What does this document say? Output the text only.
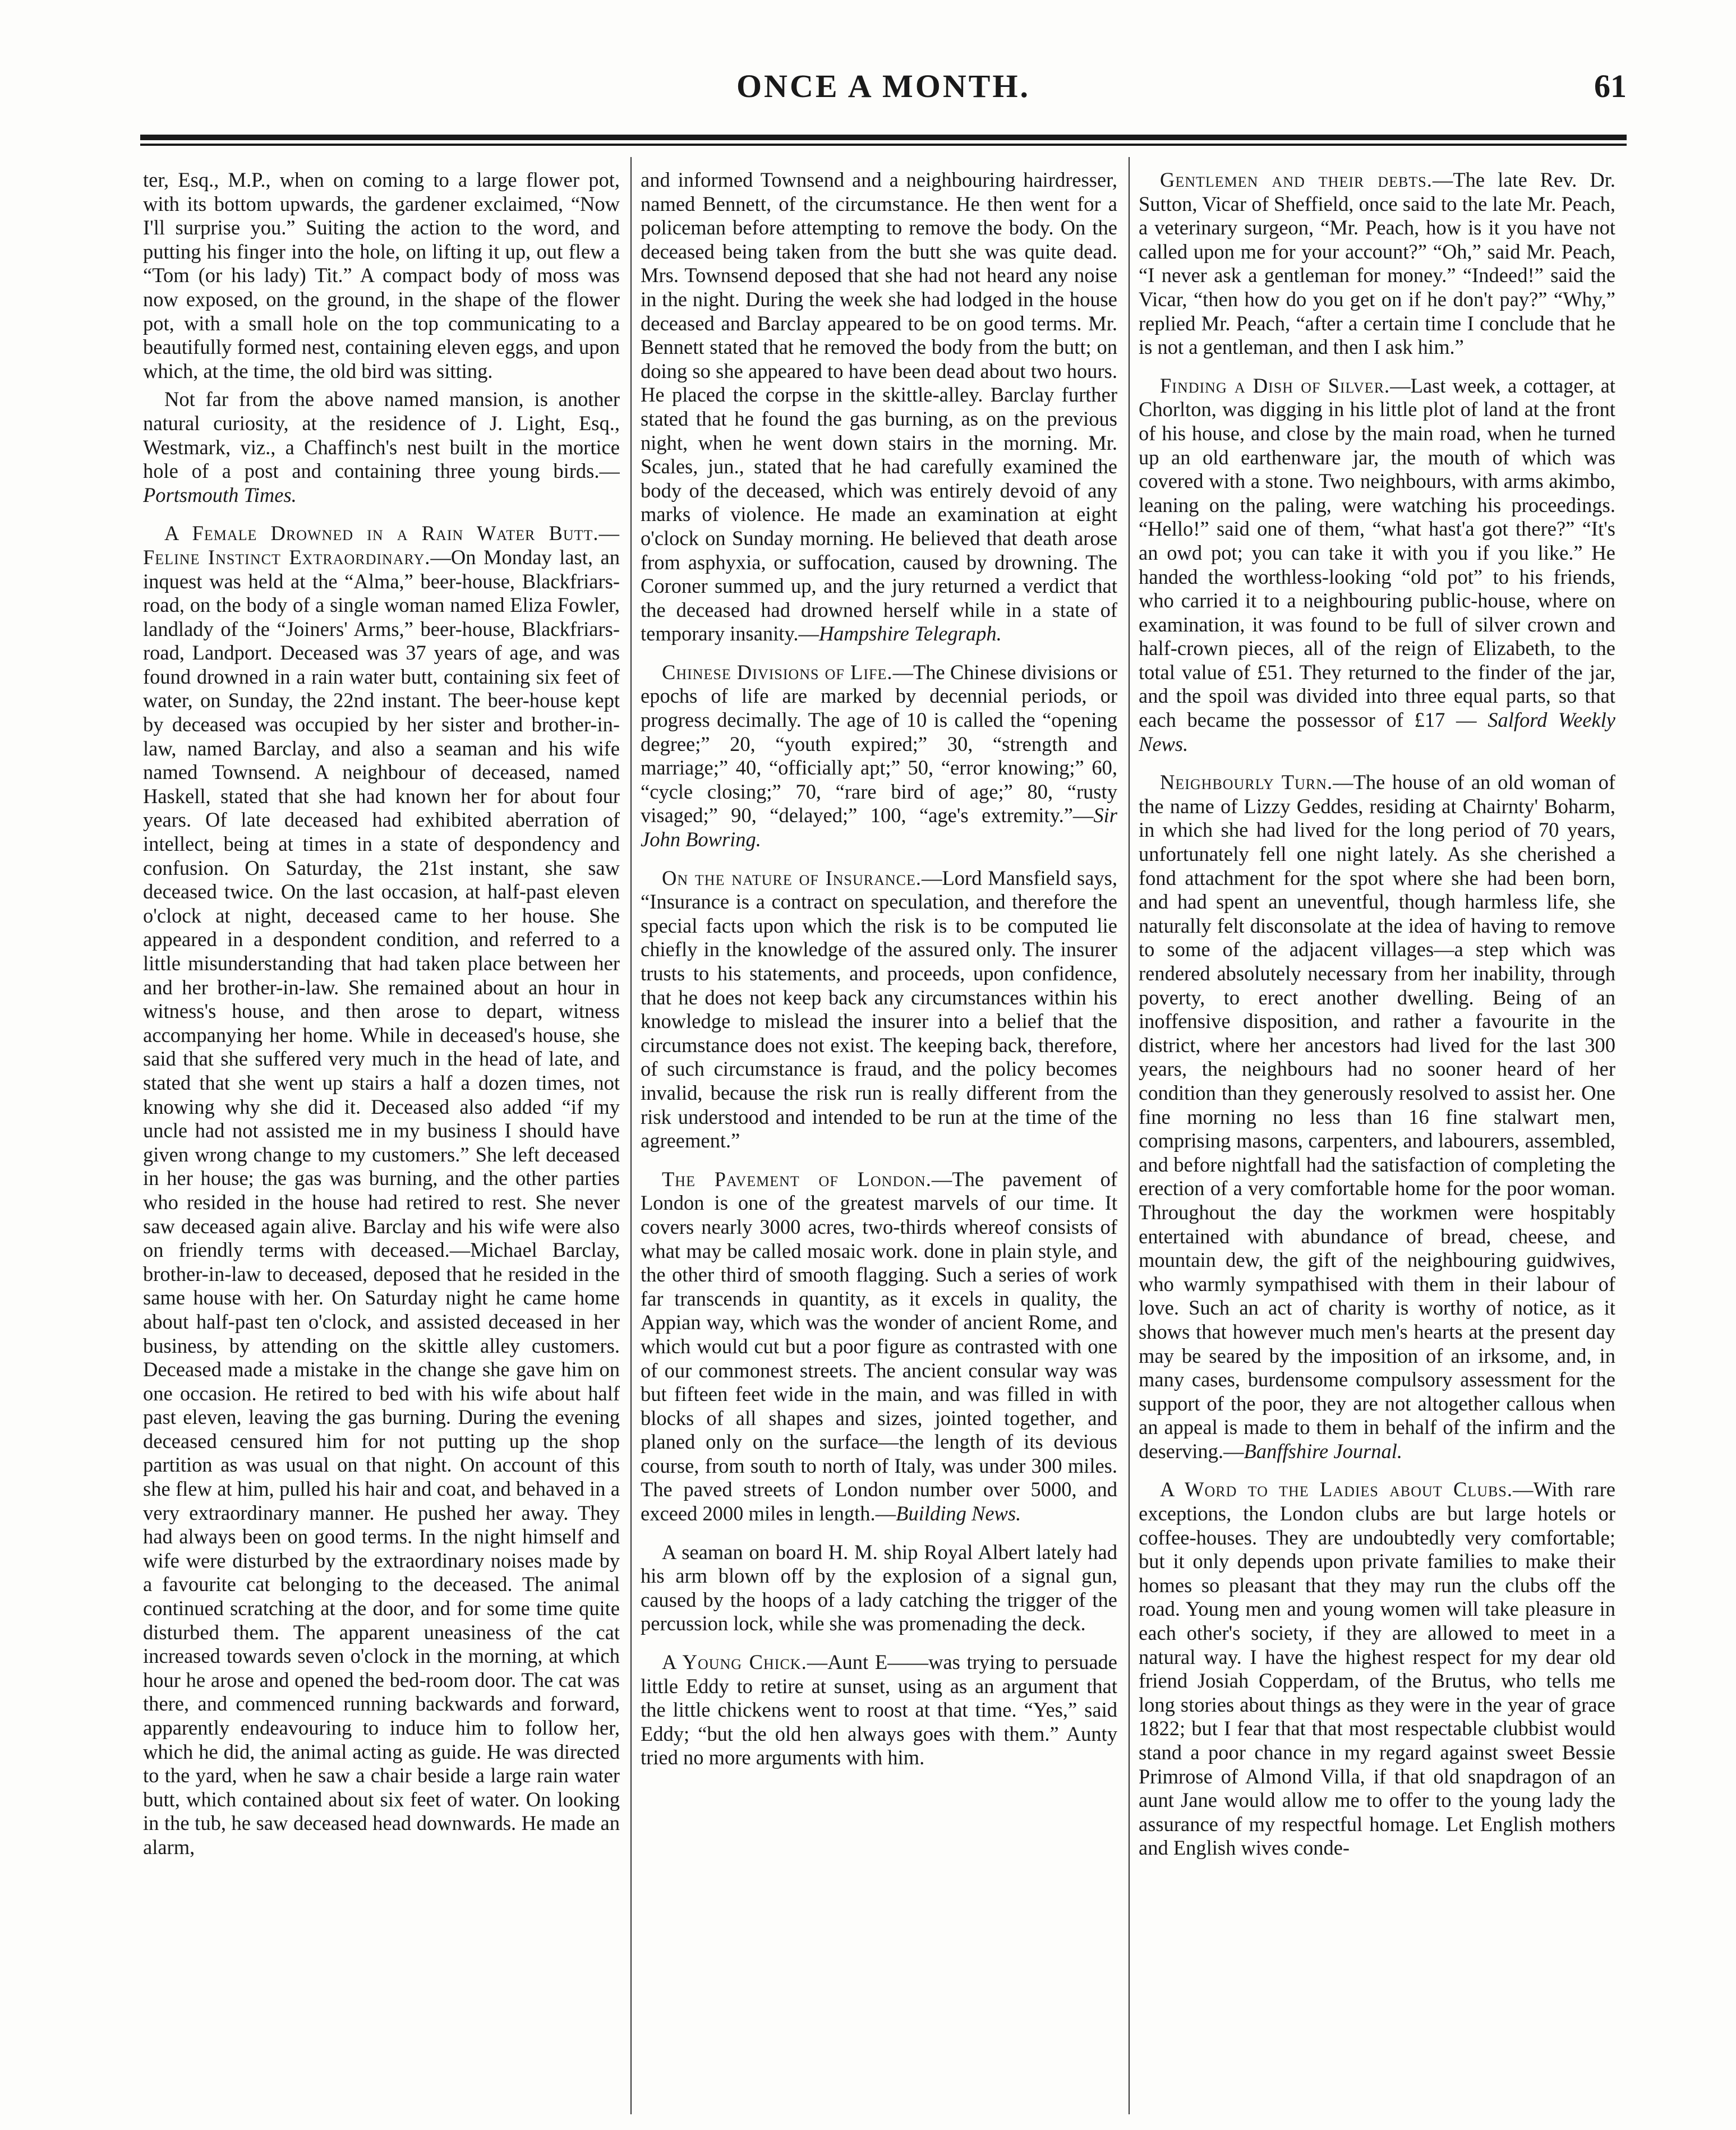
ONCE A MONTH.	61

ter, Esq., M.P., when on coming to a large flower pot, with its bottom upwards, the gardener exclaimed, “Now I'll surprise you.” Suiting the action to the word, and putting his finger into the hole, on lifting it up, out flew a “Tom (or his lady) Tit.” A compact body of moss was now exposed, on the ground, in the shape of the flower pot, with a small hole on the top communicating to a beautifully formed nest, containing eleven eggs, and upon which, at the time, the old bird was sitting.

Not far from the above named mansion, is another natural curiosity, at the residence of J. Light, Esq., Westmark, viz., a Chaffinch's nest built in the mortice hole of a post and containing three young birds.—Portsmouth Times.

A Female Drowned in a Rain Water Butt.—Feline Instinct Extraordinary.—On Monday last, an inquest was held at the “Alma,” beer-house, Blackfriars-road, on the body of a single woman named Eliza Fowler, landlady of the “Joiners' Arms,” beer-house, Blackfriars-road, Landport. Deceased was 37 years of age, and was found drowned in a rain water butt, containing six feet of water, on Sunday, the 22nd instant. The beer-house kept by deceased was occupied by her sister and brother-in-law, named Barclay, and also a seaman and his wife named Townsend. A neighbour of deceased, named Haskell, stated that she had known her for about four years. Of late deceased had exhibited aberration of intellect, being at times in a state of despondency and confusion. On Saturday, the 21st instant, she saw deceased twice. On the last occasion, at half-past eleven o'clock at night, deceased came to her house. She appeared in a despondent condition, and referred to a little misunderstanding that had taken place between her and her brother-in-law. She remained about an hour in witness's house, and then arose to depart, witness accompanying her home. While in deceased's house, she said that she suffered very much in the head of late, and stated that she went up stairs a half a dozen times, not knowing why she did it. Deceased also added “if my uncle had not assisted me in my business I should have given wrong change to my customers.” She left deceased in her house; the gas was burning, and the other parties who resided in the house had retired to rest. She never saw deceased again alive. Barclay and his wife were also on friendly terms with deceased.—Michael Barclay, brother-in-law to deceased, deposed that he resided in the same house with her. On Saturday night he came home about half-past ten o'clock, and assisted deceased in her business, by attending on the skittle alley customers. Deceased made a mistake in the change she gave him on one occasion. He retired to bed with his wife about half past eleven, leaving the gas burning. During the evening deceased censured him for not putting up the shop partition as was usual on that night. On account of this she flew at him, pulled his hair and coat, and behaved in a very extraordinary manner. He pushed her away. They had always been on good terms. In the night himself and wife were disturbed by the extraordinary noises made by a favourite cat belonging to the deceased. The animal continued scratching at the door, and for some time quite disturbed them. The apparent uneasiness of the cat increased towards seven o'clock in the morning, at which hour he arose and opened the bed-room door. The cat was there, and commenced running backwards and forward, apparently endeavouring to induce him to follow her, which he did, the animal acting as guide. He was directed to the yard, when he saw a chair beside a large rain water butt, which contained about six feet of water. On looking in the tub, he saw deceased head downwards. He made an alarm,

and informed Townsend and a neighbouring hairdresser, named Bennett, of the circumstance. He then went for a policeman before attempting to remove the body. On the deceased being taken from the butt she was quite dead. Mrs. Townsend deposed that she had not heard any noise in the night. During the week she had lodged in the house deceased and Barclay appeared to be on good terms. Mr. Bennett stated that he removed the body from the butt; on doing so she appeared to have been dead about two hours. He placed the corpse in the skittle-alley. Barclay further stated that he found the gas burning, as on the previous night, when he went down stairs in the morning. Mr. Scales, jun., stated that he had carefully examined the body of the deceased, which was entirely devoid of any marks of violence. He made an examination at eight o'clock on Sunday morning. He believed that death arose from asphyxia, or suffocation, caused by drowning. The Coroner summed up, and the jury returned a verdict that the deceased had drowned herself while in a state of temporary insanity.—Hampshire Telegraph.

Chinese Divisions of Life.—The Chinese divisions or epochs of life are marked by decennial periods, or progress decimally. The age of 10 is called the “opening degree;” 20, “youth expired;” 30, “strength and marriage;” 40, “officially apt;” 50, “error knowing;” 60, “cycle closing;” 70, “rare bird of age;” 80, “rusty visaged;” 90, “delayed;” 100, “age's extremity.”—Sir John Bowring.

On the nature of Insurance.—Lord Mansfield says, “Insurance is a contract on speculation, and therefore the special facts upon which the risk is to be computed lie chiefly in the knowledge of the assured only. The insurer trusts to his statements, and proceeds, upon confidence, that he does not keep back any circumstances within his knowledge to mislead the insurer into a belief that the circumstance does not exist. The keeping back, therefore, of such circumstance is fraud, and the policy becomes invalid, because the risk run is really different from the risk understood and intended to be run at the time of the agreement.”

The Pavement of London.—The pavement of London is one of the greatest marvels of our time. It covers nearly 3000 acres, two-thirds whereof consists of what may be called mosaic work. done in plain style, and the other third of smooth flagging. Such a series of work far transcends in quantity, as it excels in quality, the Appian way, which was the wonder of ancient Rome, and which would cut but a poor figure as contrasted with one of our commonest streets. The ancient consular way was but fifteen feet wide in the main, and was filled in with blocks of all shapes and sizes, jointed together, and planed only on the surface—the length of its devious course, from south to north of Italy, was under 300 miles. The paved streets of London number over 5000, and exceed 2000 miles in length.—Building News.

A seaman on board H. M. ship Royal Albert lately had his arm blown off by the explosion of a signal gun, caused by the hoops of a lady catching the trigger of the percussion lock, while she was promenading the deck.

A Young Chick.—Aunt E——was trying to persuade little Eddy to retire at sunset, using as an argument that the little chickens went to roost at that time. “Yes,” said Eddy; “but the old hen always goes with them.” Aunty tried no more arguments with him.

Gentlemen and their debts.—The late Rev. Dr. Sutton, Vicar of Sheffield, once said to the late Mr. Peach, a veterinary surgeon, “Mr. Peach, how is it you have not called upon me for your account?” “Oh,” said Mr. Peach, “I never ask a gentleman for money.” “Indeed!” said the Vicar, “then how do you get on if he don't pay?” “Why,” replied Mr. Peach, “after a certain time I conclude that he is not a gentleman, and then I ask him.”

Finding a Dish of Silver.—Last week, a cottager, at Chorlton, was digging in his little plot of land at the front of his house, and close by the main road, when he turned up an old earthenware jar, the mouth of which was covered with a stone. Two neighbours, with arms akimbo, leaning on the paling, were watching his proceedings. “Hello!” said one of them, “what hast'a got there?” “It's an owd pot; you can take it with you if you like.” He handed the worthless-looking “old pot” to his friends, who carried it to a neighbouring public-house, where on examination, it was found to be full of silver crown and half-crown pieces, all of the reign of Elizabeth, to the total value of £51. They returned to the finder of the jar, and the spoil was divided into three equal parts, so that each became the possessor of £17 — Salford Weekly News.

Neighbourly Turn.—The house of an old woman of the name of Lizzy Geddes, residing at Chairnty' Boharm, in which she had lived for the long period of 70 years, unfortunately fell one night lately. As she cherished a fond attachment for the spot where she had been born, and had spent an uneventful, though harmless life, she naturally felt disconsolate at the idea of having to remove to some of the adjacent villages—a step which was rendered absolutely necessary from her inability, through poverty, to erect another dwelling. Being of an inoffensive disposition, and rather a favourite in the district, where her ancestors had lived for the last 300 years, the neighbours had no sooner heard of her condition than they generously resolved to assist her. One fine morning no less than 16 fine stalwart men, comprising masons, carpenters, and labourers, assembled, and before nightfall had the satisfaction of completing the erection of a very comfortable home for the poor woman. Throughout the day the workmen were hospitably entertained with abundance of bread, cheese, and mountain dew, the gift of the neighbouring guidwives, who warmly sympathised with them in their labour of love. Such an act of charity is worthy of notice, as it shows that however much men's hearts at the present day may be seared by the imposition of an irksome, and, in many cases, burdensome compulsory assessment for the support of the poor, they are not altogether callous when an appeal is made to them in behalf of the infirm and the deserving.—Banffshire Journal.

A Word to the Ladies about Clubs.—With rare exceptions, the London clubs are but large hotels or coffee-houses. They are undoubtedly very comfortable; but it only depends upon private families to make their homes so pleasant that they may run the clubs off the road. Young men and young women will take pleasure in each other's society, if they are allowed to meet in a natural way. I have the highest respect for my dear old friend Josiah Copperdam, of the Brutus, who tells me long stories about things as they were in the year of grace 1822; but I fear that that most respectable clubbist would stand a poor chance in my regard against sweet Bessie Primrose of Almond Villa, if that old snapdragon of an aunt Jane would allow me to offer to the young lady the assurance of my respectful homage. Let English mothers and English wives conde-
